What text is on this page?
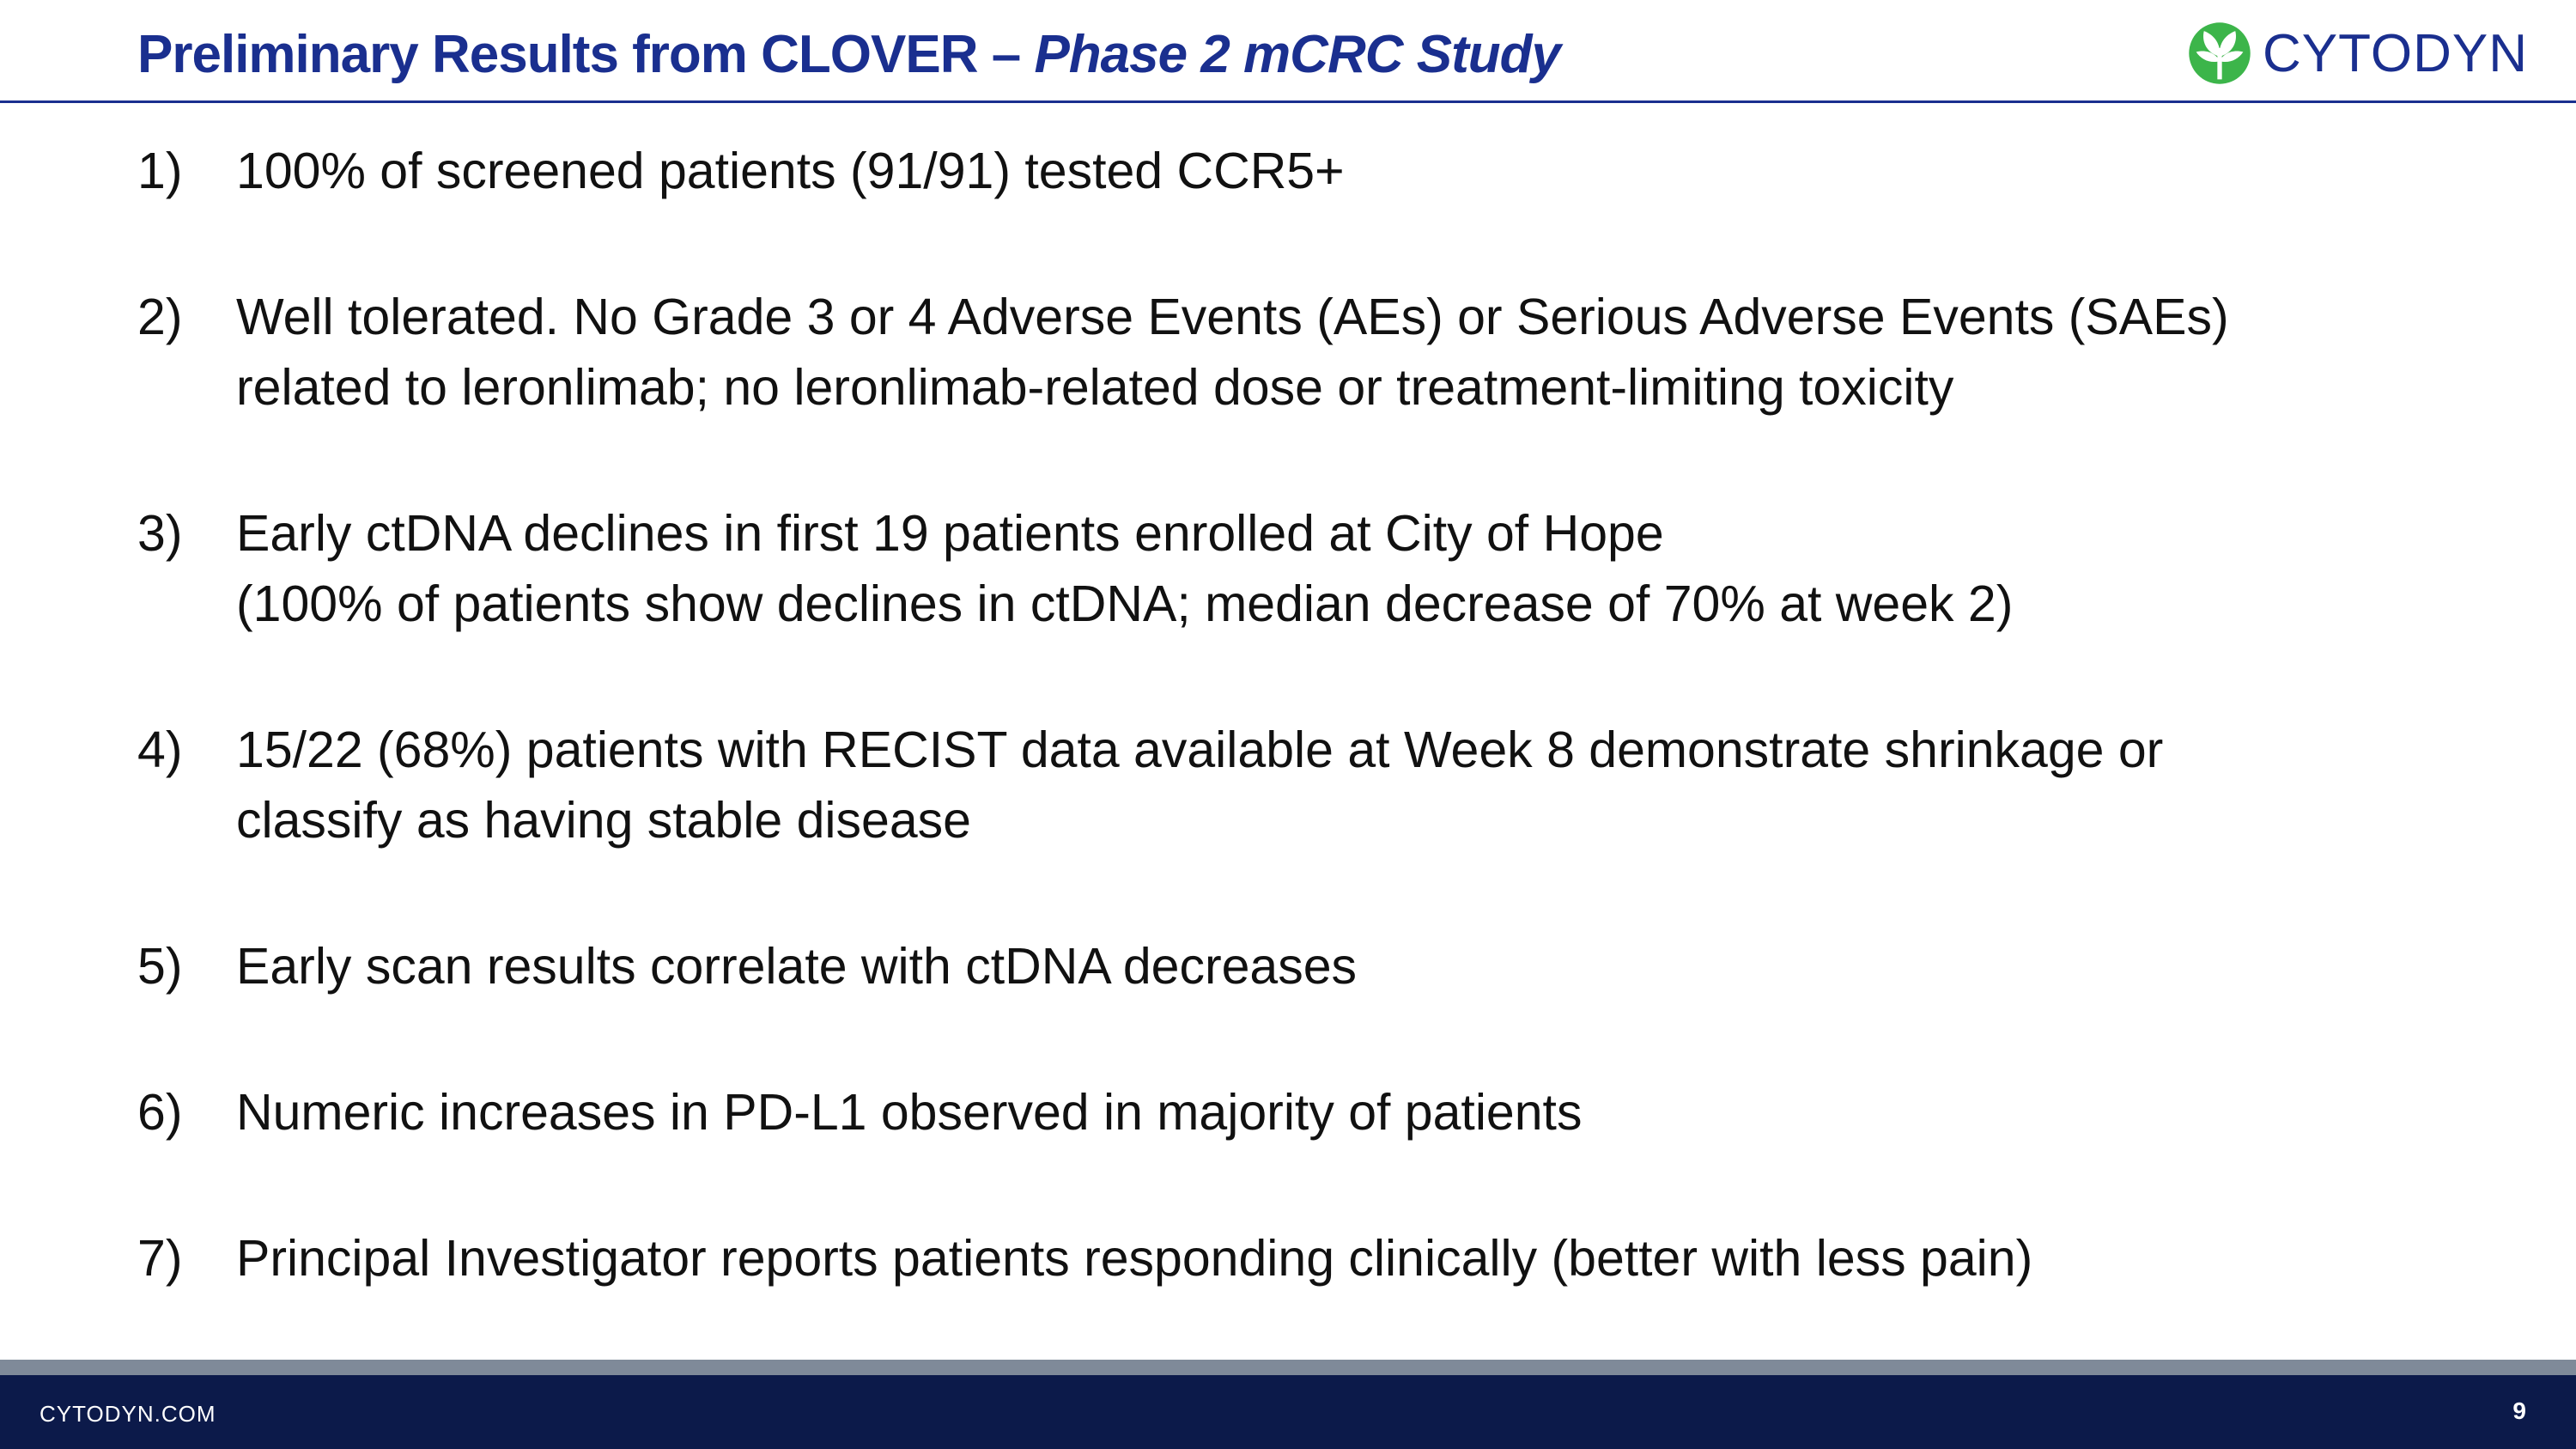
Preliminary Results from CLOVER – Phase 2 mCRC Study	CYTODYN
1)	100% of screened patients (91/91) tested CCR5+
2)	Well tolerated. No Grade 3 or 4 Adverse Events (AEs) or Serious Adverse Events (SAEs)
related to leronlimab; no leronlimab-related dose or treatment-limiting toxicity
3)	Early ctDNA declines in first 19 patients enrolled at City of Hope
(100% of patients show declines in ctDNA; median decrease of 70% at week 2)
4)	15/22 (68%) patients with RECIST data available at Week 8 demonstrate shrinkage or
classify as having stable disease
5)	Early scan results correlate with ctDNA decreases
6)	Numeric increases in PD-L1 observed in majority of patients
7)	Principal Investigator reports patients responding clinically (better with less pain)
CYTODYN.COM	9
